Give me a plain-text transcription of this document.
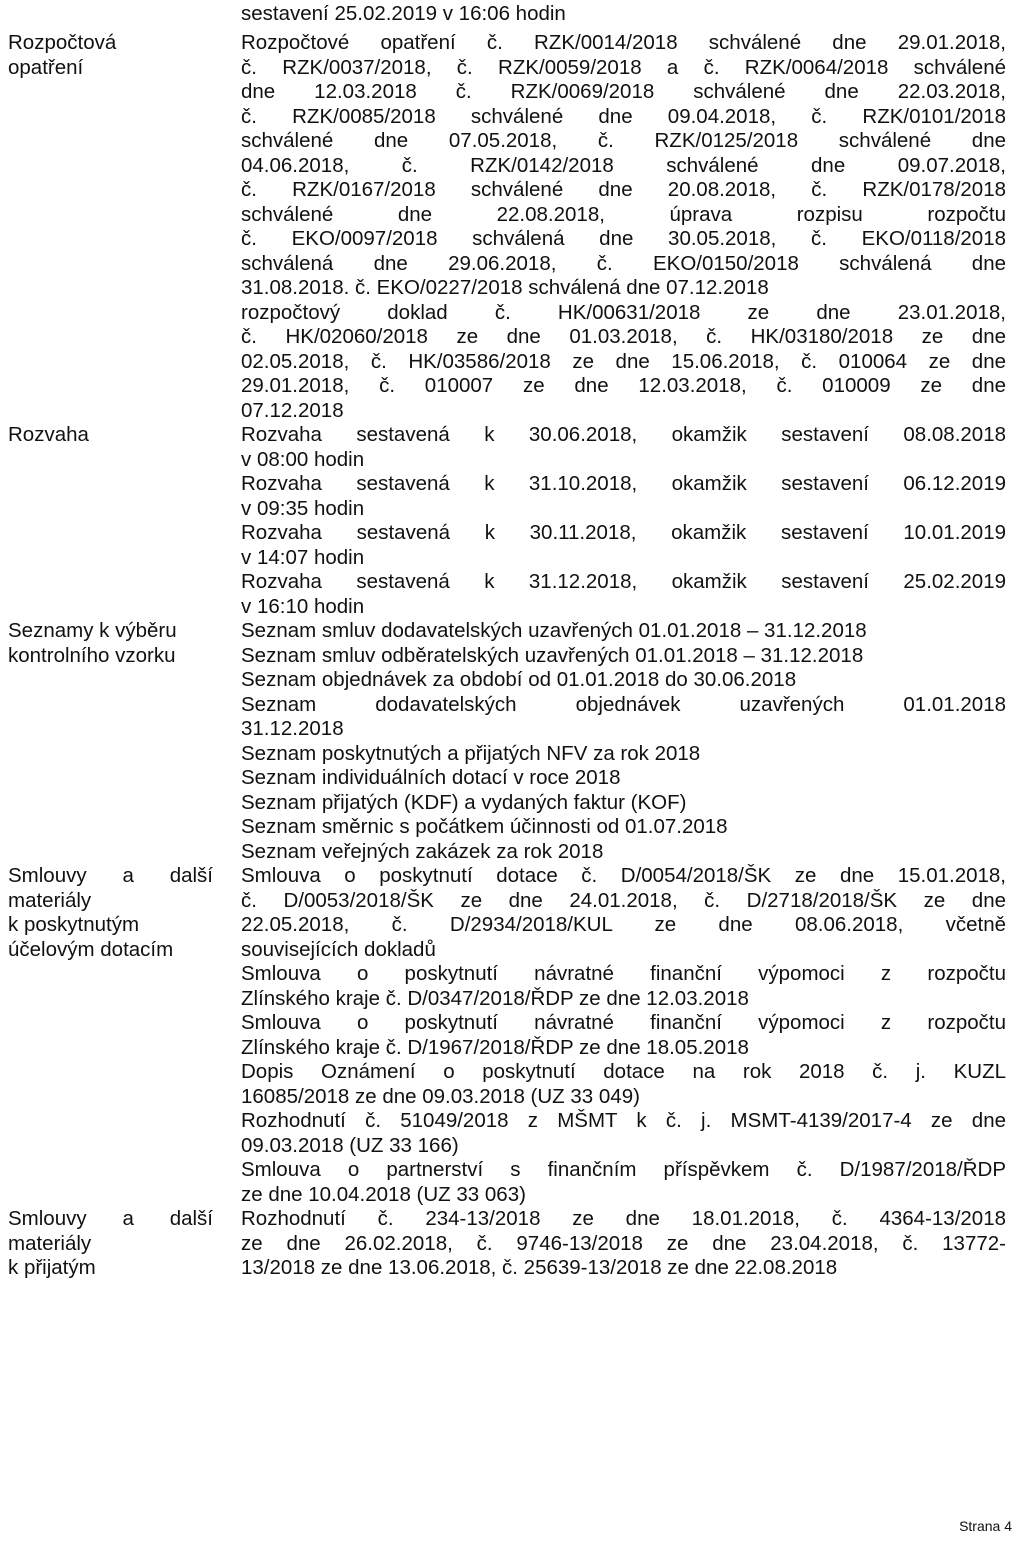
sestavení 25.02.2019 v 16:06 hodin
Rozpočtová
opatření
Rozpočtové opatření č. RZK/0014/2018 schválené dne 29.01.2018,
č. RZK/0037/2018, č. RZK/0059/2018 a č. RZK/0064/2018 schválené
dne 12.03.2018 č. RZK/0069/2018 schválené dne 22.03.2018,
č. RZK/0085/2018 schválené dne 09.04.2018, č. RZK/0101/2018
schválené dne 07.05.2018, č. RZK/0125/2018 schválené dne
04.06.2018, č. RZK/0142/2018 schválené dne 09.07.2018,
č. RZK/0167/2018 schválené dne 20.08.2018, č. RZK/0178/2018
schválené dne 22.08.2018, úprava rozpisu rozpočtu
č. EKO/0097/2018 schválená dne 30.05.2018, č. EKO/0118/2018
schválená dne 29.06.2018, č. EKO/0150/2018 schválená dne
31.08.2018. č. EKO/0227/2018 schválená dne 07.12.2018
rozpočtový doklad č. HK/00631/2018 ze dne 23.01.2018,
č. HK/02060/2018 ze dne 01.03.2018, č. HK/03180/2018 ze dne
02.05.2018, č. HK/03586/2018 ze dne 15.06.2018, č. 010064 ze dne
29.01.2018, č. 010007 ze dne 12.03.2018, č. 010009 ze dne
07.12.2018
Rozvaha	Rozvaha sestavená k 30.06.2018, okamžik sestavení 08.08.2018
v 08:00 hodin
Rozvaha sestavená k 31.10.2018, okamžik sestavení 06.12.2019
v 09:35 hodin
Rozvaha sestavená k 30.11.2018, okamžik sestavení 10.01.2019
v 14:07 hodin
Rozvaha sestavená k 31.12.2018, okamžik sestavení 25.02.2019
v 16:10 hodin
Seznamy k výběru
kontrolního vzorku
Seznam smluv dodavatelských uzavřených 01.01.2018 – 31.12.2018
Seznam smluv odběratelských uzavřených 01.01.2018 – 31.12.2018
Seznam objednávek za období od 01.01.2018 do 30.06.2018
Seznam dodavatelských objednávek uzavřených 01.01.2018
31.12.2018
Seznam poskytnutých a přijatých NFV za rok 2018
Seznam individuálních dotací v roce 2018
Seznam přijatých (KDF) a vydaných faktur (KOF)
Seznam směrnic s počátkem účinnosti od 01.07.2018
Seznam veřejných zakázek za rok 2018
Smlouvy a další
materiály
k poskytnutým
účelovým dotacím
Smlouva o poskytnutí dotace č. D/0054/2018/ŠK ze dne 15.01.2018,
č. D/0053/2018/ŠK ze dne 24.01.2018, č. D/2718/2018/ŠK ze dne
22.05.2018, č. D/2934/2018/KUL ze dne 08.06.2018, včetně
souvisejících dokladů
Smlouva o poskytnutí návratné finanční výpomoci z rozpočtu
Zlínského kraje č. D/0347/2018/ŘDP ze dne 12.03.2018
Smlouva o poskytnutí návratné finanční výpomoci z rozpočtu
Zlínského kraje č. D/1967/2018/ŘDP ze dne 18.05.2018
Dopis Oznámení o poskytnutí dotace na rok 2018 č. j. KUZL
16085/2018 ze dne 09.03.2018 (UZ 33 049)
Rozhodnutí č. 51049/2018 z MŠMT k č. j. MSMT-4139/2017-4 ze dne
09.03.2018 (UZ 33 166)
Smlouva o partnerství s finančním příspěvkem č. D/1987/2018/ŘDP
ze dne 10.04.2018 (UZ 33 063)
Smlouvy a další
materiály
k přijatým
Rozhodnutí č. 234-13/2018 ze dne 18.01.2018, č. 4364-13/2018
ze dne 26.02.2018, č. 9746-13/2018 ze dne 23.04.2018, č. 13772-
13/2018 ze dne 13.06.2018, č. 25639-13/2018 ze dne 22.08.2018
Strana 4
